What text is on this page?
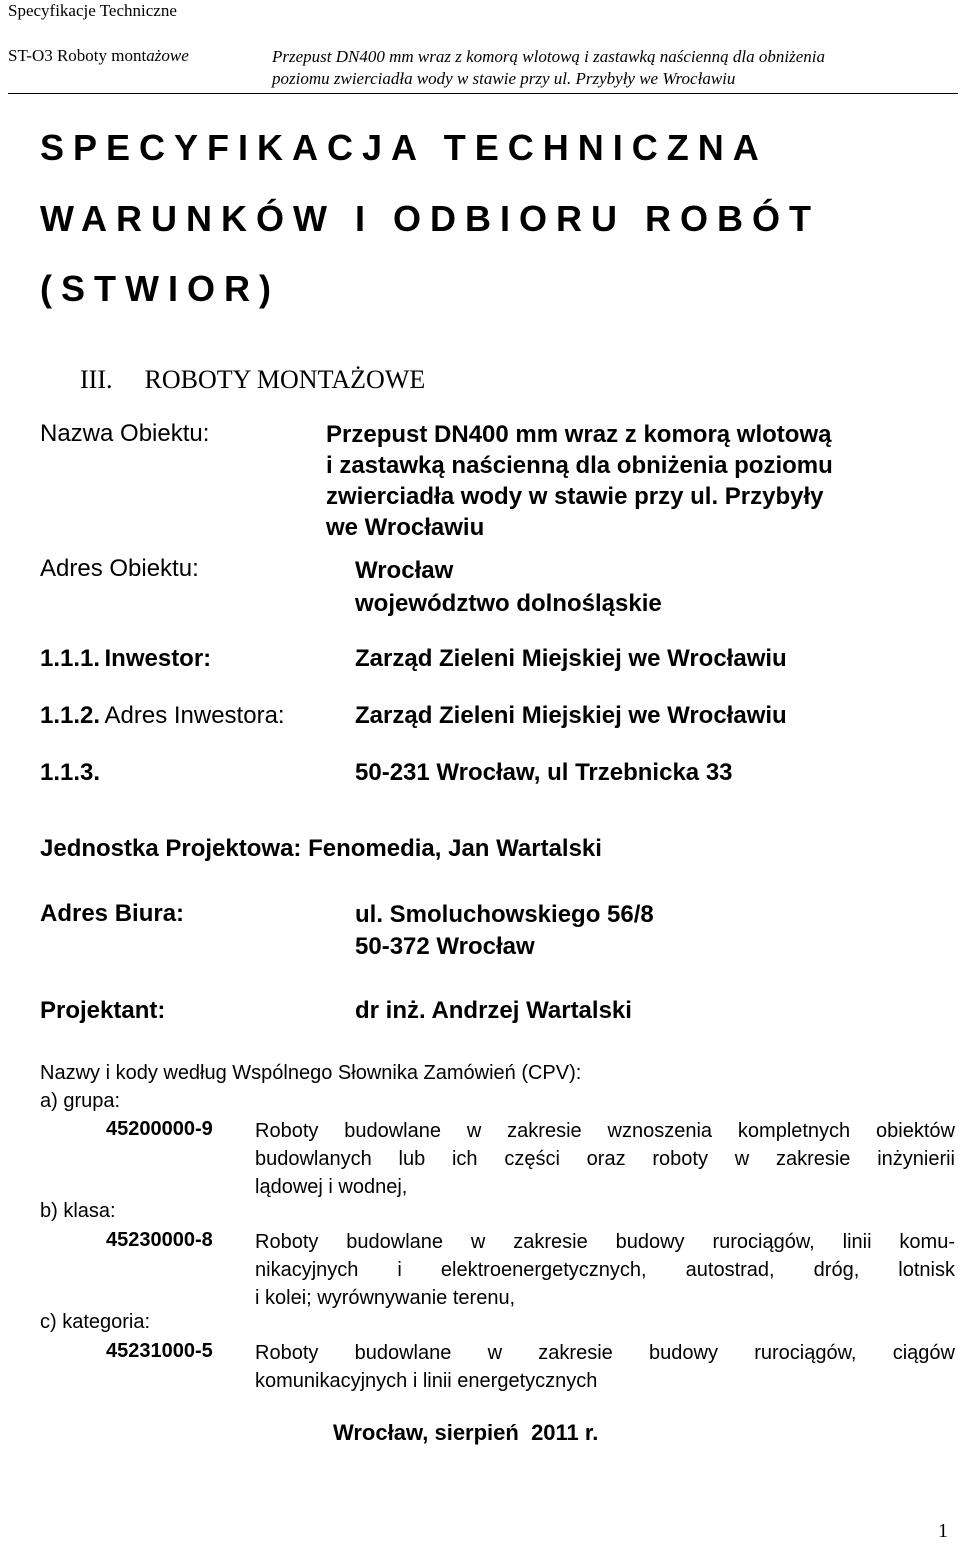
Specyfikacje Techniczne
ST-O3 Roboty montażowe	Przepust DN400 mm wraz z komorą wlotową i zastawką naścienną dla obniżenia
poziomu zwierciadła wody w stawie przy ul. Przybyły we Wrocławiu
SPECYFIKACJA TECHNICZNA
WARUNKÓW I ODBIORU ROBÓT
(STWIOR)
III. ROBOTY MONTAŻOWE
Nazwa Obiektu:	Przepust DN400 mm wraz z komorą wlotową
i zastawką naścienną dla obniżenia poziomu
zwierciadła wody w stawie przy ul. Przybyły
we Wrocławiu
Adres Obiektu:	Wrocław
województwo dolnośląskie
1.1.1. Inwestor:	Zarząd Zieleni Miejskiej we Wrocławiu
1.1.2. Adres Inwestora:	Zarząd Zieleni Miejskiej we Wrocławiu
1.1.3.	50-231 Wrocław, ul Trzebnicka 33
Jednostka Projektowa: Fenomedia, Jan Wartalski
Adres Biura:	ul. Smoluchowskiego 56/8
50-372 Wrocław
Projektant:	dr inż. Andrzej Wartalski
Nazwy i kody według Wspólnego Słownika Zamówień (CPV):
a) grupa:
45200000-9 Roboty budowlane w zakresie wznoszenia kompletnych obiektów
budowlanych lub ich części oraz roboty w zakresie inżynierii
lądowej i wodnej,
b) klasa:
45230000-8 Roboty budowlane w zakresie budowy rurociągów, linii komu-
nikacyjnych i elektroenergetycznych, autostrad, dróg, lotnisk
i kolei; wyrównywanie terenu,
c) kategoria:
45231000-5 Roboty budowlane w zakresie budowy rurociągów, ciągów
komunikacyjnych i linii energetycznych
Wrocław, sierpień  2011 r.
1
